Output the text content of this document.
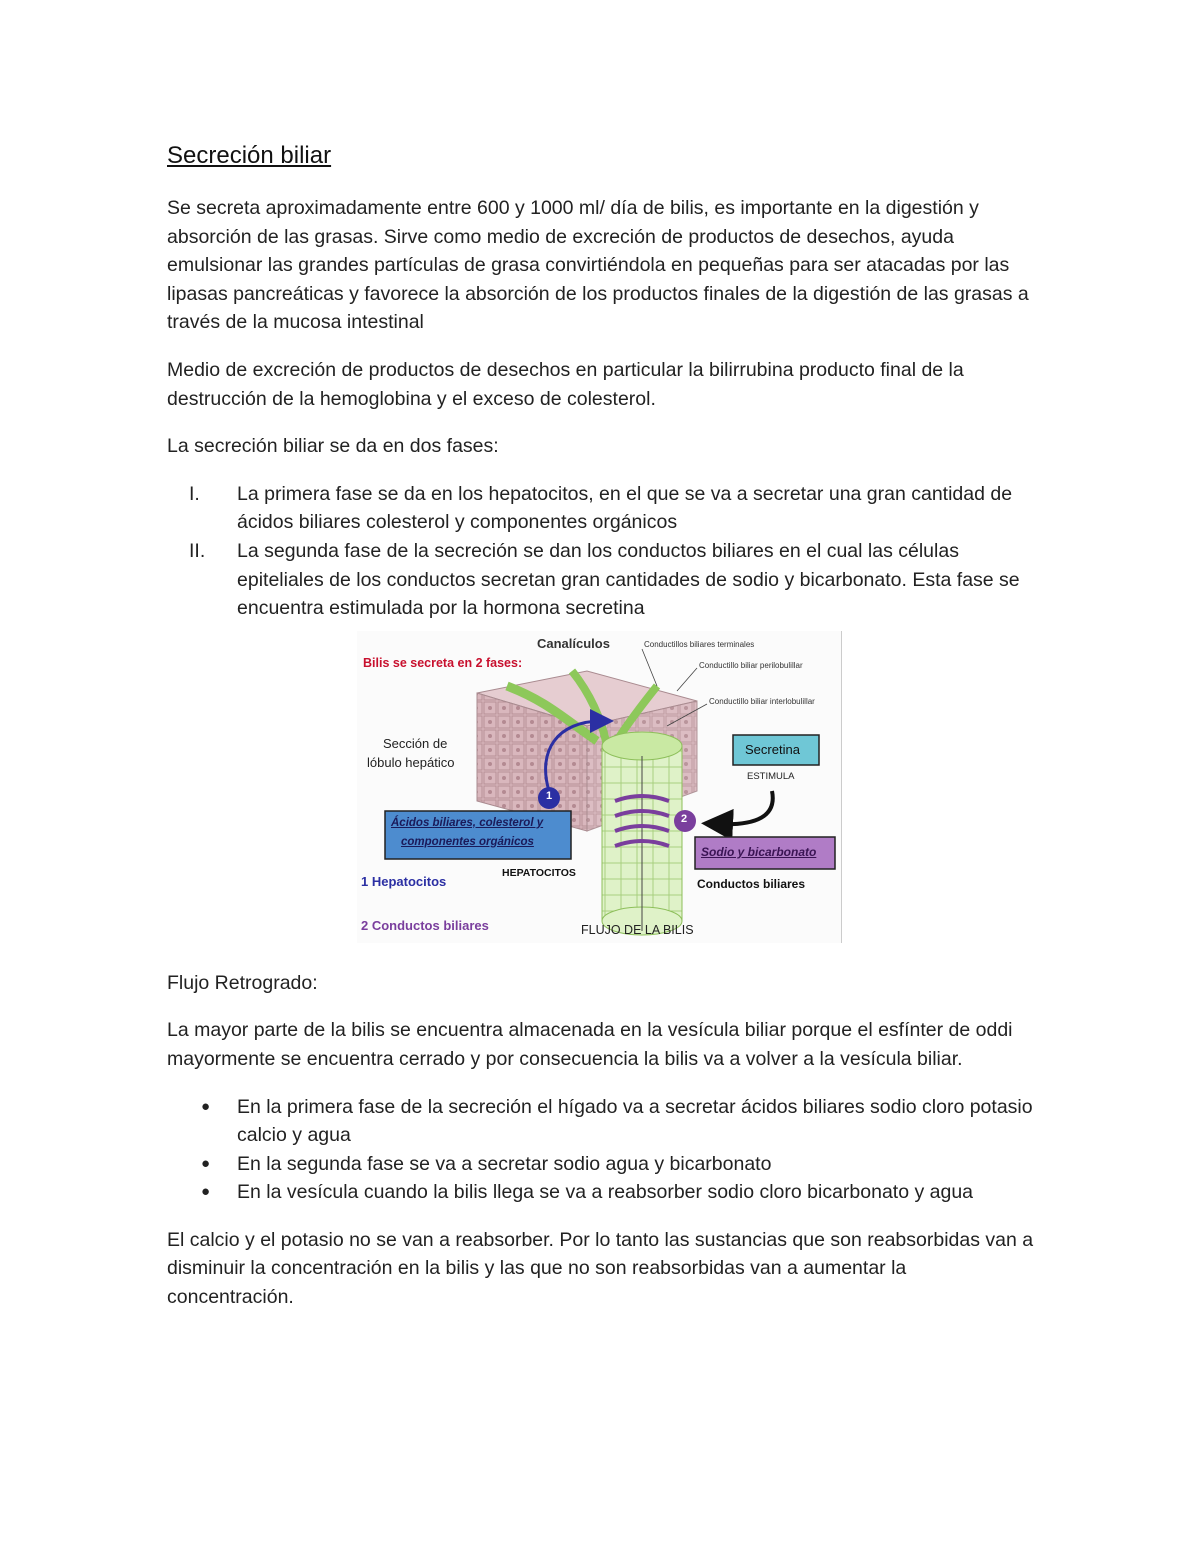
Secreción biliar

Se secreta aproximadamente entre 600 y 1000 ml/ día de bilis, es importante en la digestión y absorción de las grasas. Sirve como medio de excreción de productos de desechos, ayuda emulsionar las grandes partículas de grasa convirtiéndola en pequeñas para ser atacadas por las lipasas pancreáticas y favorece la absorción de los productos finales de la digestión de las grasas a través de la mucosa intestinal

Medio de excreción de productos de desechos en particular la bilirrubina producto final de la destrucción de la hemoglobina y el exceso de colesterol.

La secreción biliar se da en dos fases:

I. La primera fase se da en los hepatocitos, en el que se va a secretar una gran cantidad de ácidos biliares colesterol y componentes orgánicos
II. La segunda fase de la secreción se dan los conductos biliares en el cual las células epiteliales de los conductos secretan gran cantidades de sodio y bicarbonato. Esta fase se encuentra estimulada por la hormona secretina
Bilis se secreta en 2 fases:
Canalículos	Conductillos biliares terminales
Conductillo biliar perilobulillar
Conductillo biliar interlobulillar
Sección de
lóbulo hepático
Secretina
ESTIMULA
Ácidos biliares, colesterol y
componentes orgánicos
Sodio y bicarbonato
HEPATOCITOS
Conductos biliares
1 Hepatocitos
2 Conductos biliares	FLUJO DE LA BILIS
1
2

Flujo Retrogrado:

La mayor parte de la bilis se encuentra almacenada en la vesícula biliar porque el esfínter de oddi mayormente se encuentra cerrado y por consecuencia la bilis va a volver a la vesícula biliar.

● En la primera fase de la secreción el hígado va a secretar ácidos biliares sodio cloro potasio calcio y agua
● En la segunda fase se va a secretar sodio agua y bicarbonato
● En la vesícula cuando la bilis llega se va a reabsorber sodio cloro bicarbonato y agua

El calcio y el potasio no se van a reabsorber. Por lo tanto las sustancias que son reabsorbidas van a disminuir la concentración en la bilis y las que no son reabsorbidas van a aumentar la concentración.
